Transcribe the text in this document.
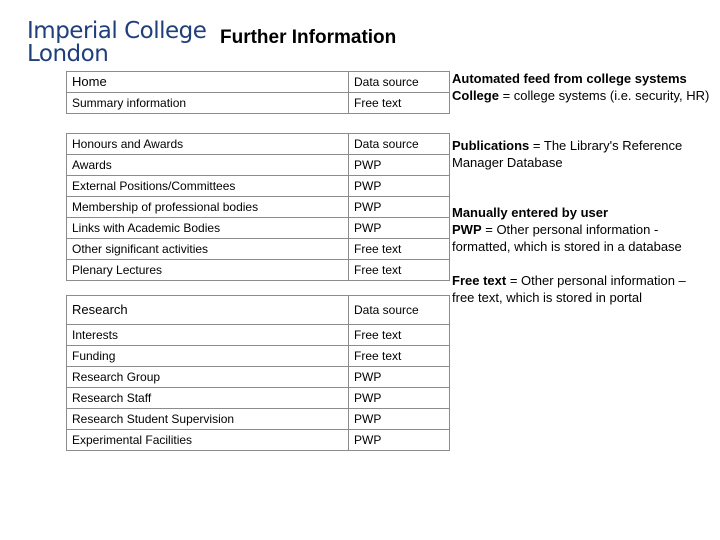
Imperial College
London
Further Information
Home	Data source
Summary information	Free text
Honours and Awards	Data source
Awards	PWP
External Positions/Committees	PWP
Membership of professional bodies	PWP
Links with Academic Bodies	PWP
Other significant activities	Free text
Plenary Lectures	Free text
Research	Data source
Interests	Free text
Funding	Free text
Research Group	PWP
Research Staff	PWP
Research Student Supervision	PWP
Experimental Facilities	PWP
Automated feed from college systems
College = college systems (i.e. security, HR)
Publications = The Library's Reference Manager Database
Manually entered by user
PWP = Other personal information - formatted, which is stored in a database
Free text = Other personal information – free text, which is stored in portal
